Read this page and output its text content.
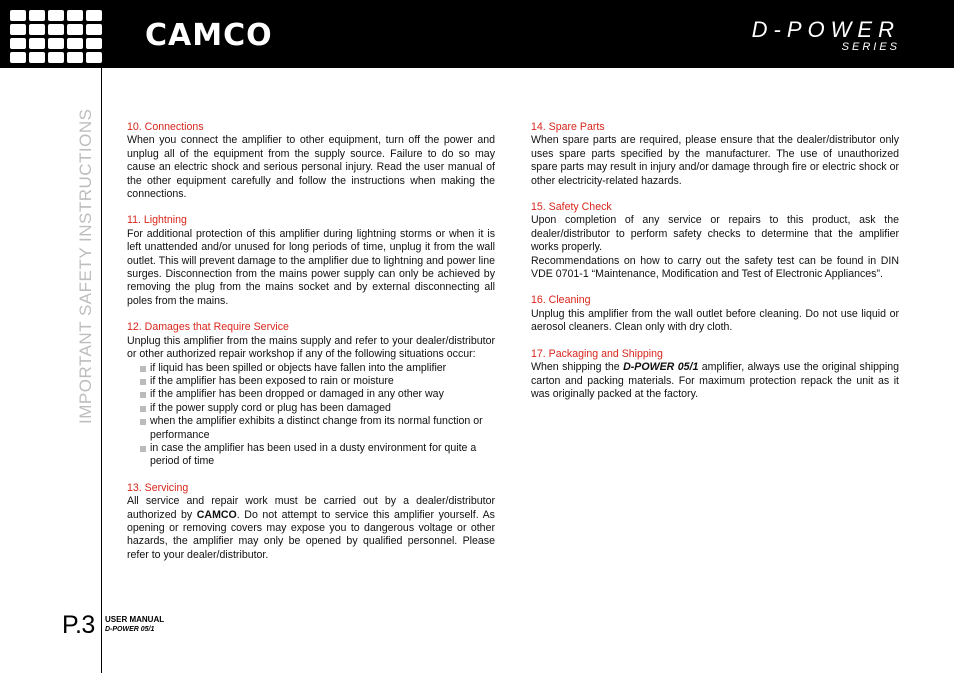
CAMCO	D-POWER
SERIES
IMPORTANT SAFETY INSTRUCTIONS
P.3 USER MANUAL
D-POWER 05/1
10. Connections
When you connect the amplifier to other equipment, turn off the power and unplug all of the equipment from the supply source. Failure to do so may cause an electric shock and serious personal injury. Read the user manual of the other equipment carefully and follow the instructions when making the connections.
11. Lightning
For additional protection of this amplifier during lightning storms or when it is left unattended and/or unused for long periods of time, unplug it from the wall outlet. This will prevent damage to the amplifier due to lightning and power line surges. Disconnection from the mains power supply can only be achieved by removing the plug from the mains socket and by external disconnecting all poles from the mains.
12. Damages that Require Service
Unplug this amplifier from the mains supply and refer to your dealer/distributor or other authorized repair workshop if any of the following situations occur:
if liquid has been spilled or objects have fallen into the amplifier
if the amplifier has been exposed to rain or moisture
if the amplifier has been dropped or damaged in any other way
if the power supply cord or plug has been damaged
when the amplifier exhibits a distinct change from its normal function or performance
in case the amplifier has been used in a dusty environment for quite a period of time
13. Servicing
All service and repair work must be carried out by a dealer/distributor authorized by CAMCO. Do not attempt to service this amplifier yourself. As opening or removing covers may expose you to dangerous voltage or other hazards, the amplifier may only be opened by qualified personnel. Please refer to your dealer/distributor.
14. Spare Parts
When spare parts are required, please ensure that the dealer/distributor only uses spare parts specified by the manufacturer. The use of unauthorized spare parts may result in injury and/or damage through fire or electric shock or other electricity-related hazards.
15. Safety Check
Upon completion of any service or repairs to this product, ask the dealer/distributor to perform safety checks to determine that the amplifier works properly.
Recommendations on how to carry out the safety test can be found in DIN VDE 0701-1 “Maintenance, Modification and Test of Electronic Appliances”.
16. Cleaning
Unplug this amplifier from the wall outlet before cleaning. Do not use liquid or aerosol cleaners. Clean only with dry cloth.
17. Packaging and Shipping
When shipping the D-POWER 05/1 amplifier, always use the original shipping carton and packing materials. For maximum protection repack the unit as it was originally packed at the factory.
